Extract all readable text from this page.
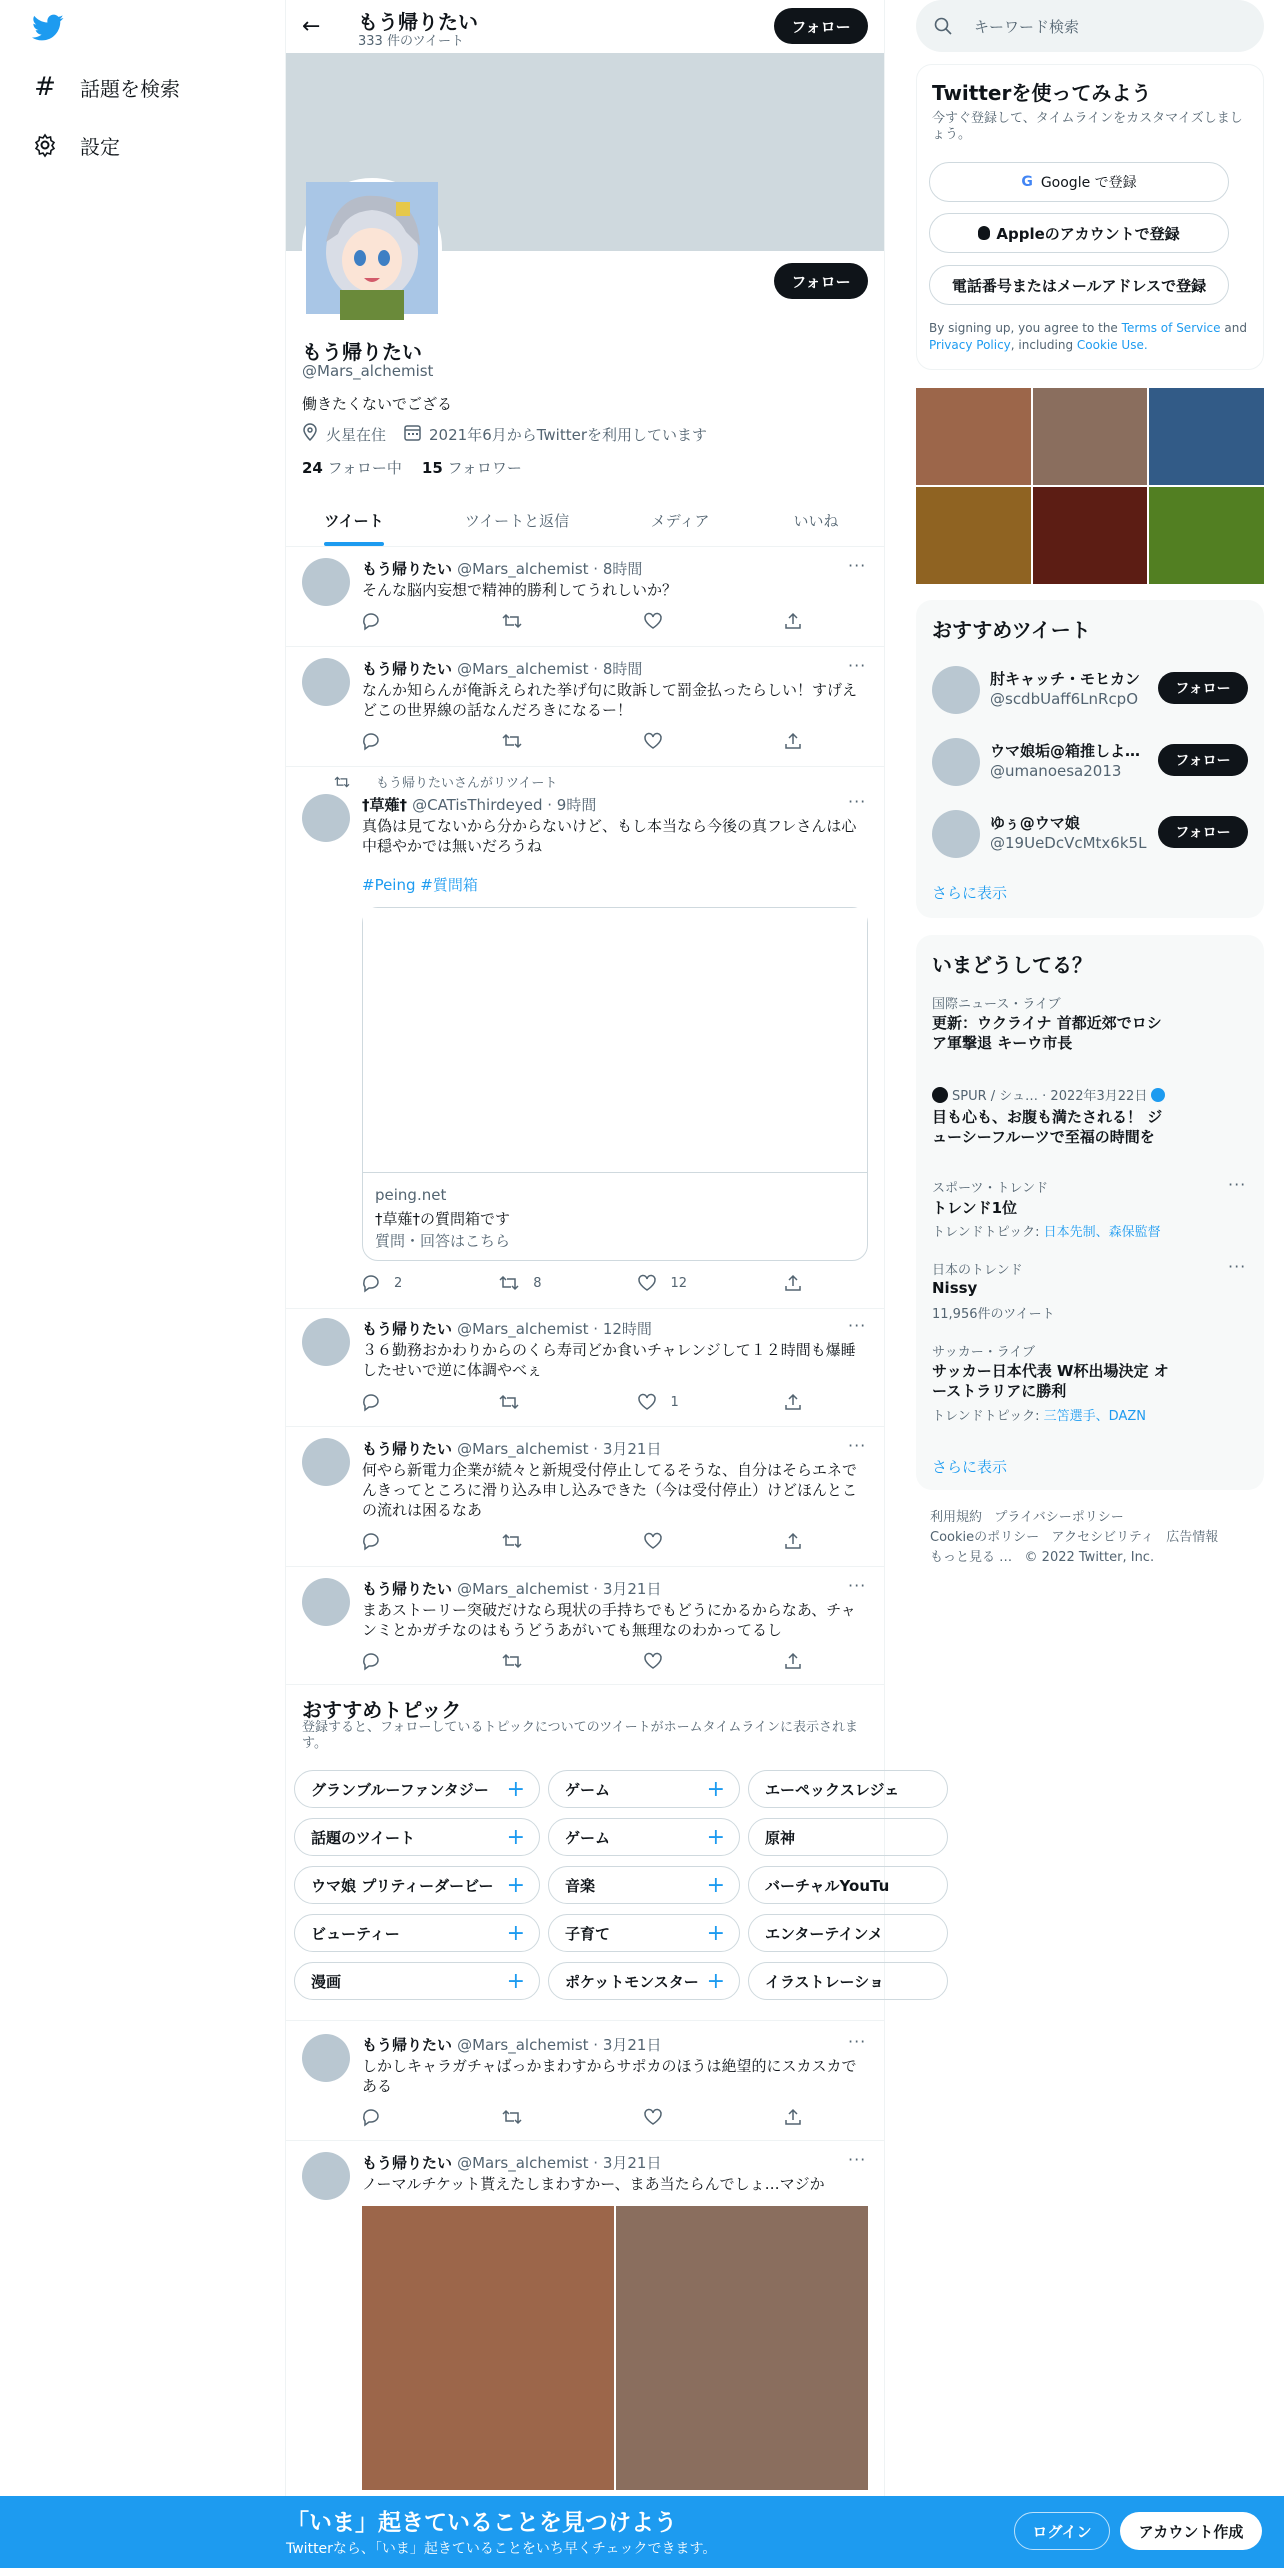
# 話題を検索
設定
← もう帰りたい
333 件のツイート
フォロー
フォロー
もう帰りたい
@Mars_alchemist
働きたくないでござる
火星在住	2021年6月からTwitterを利用しています
24 フォロー中 15 フォロワー
ツイート	ツイートと返信	メディア	いいね
もう帰りたい @Mars_alchemist · 8時間	···
そんな脳内妄想で精神的勝利してうれしいか？
もう帰りたい @Mars_alchemist · 8時間	···
なんか知らんが俺訴えられた挙げ句に敗訴して罰金払ったらしい！すげえどこの世界線の話なんだろきになるー！
もう帰りたいさんがリツイート
†草薙† @CATisThirdeyed · 9時間	···
真偽は見てないから分からないけど、もし本当なら今後の真フレさんは心中穏やかでは無いだろうね
#Peing #質問箱
peing.net
†草薙†の質問箱です
質問・回答はこちら
2	8	12
もう帰りたい @Mars_alchemist · 12時間	···
３６勤務おかわりからのくら寿司どか食いチャレンジして１２時間も爆睡したせいで逆に体調やべぇ
1
もう帰りたい @Mars_alchemist · 3月21日	···
何やら新電力企業が続々と新規受付停止してるそうな、自分はそらエネでんきってところに滑り込み申し込みできた（今は受付停止）けどほんとこの流れは困るなあ
もう帰りたい @Mars_alchemist · 3月21日	···
まあストーリー突破だけなら現状の手持ちでもどうにかるからなあ、チャンミとかガチなのはもうどうあがいても無理なのわかってるし
おすすめトピック
登録すると、フォローしているトピックについてのツイートがホームタイムラインに表示されます。
グランブルーファンタジー +	ゲーム	+	エーペックスレジェ
話題のツイート	+	ゲーム	+	原神
ウマ娘 プリティーダービー +	音楽	+	バーチャルYouTu
ビューティー	+	子育て	+	エンターテインメ
漫画	+	ポケットモンスター +	イラストレーショ
もう帰りたい @Mars_alchemist · 3月21日	···
しかしキャラガチャばっかまわすからサポカのほうは絶望的にスカスカである
もう帰りたい @Mars_alchemist · 3月21日	···
ノーマルチケット貰えたしまわすかー、まあ当たらんでしょ…マジか
キーワード検索
Twitterを使ってみよう
今すぐ登録して、タイムラインをカスタマイズしましょう。
G Google で登録
Appleのアカウントで登録
電話番号またはメールアドレスで登録
By signing up, you agree to the Terms of Service and Privacy Policy, including Cookie Use.
おすすめツイート
肘キャッチ・モヒカン
@scdbUaff6LnRcpO
フォロー
ウマ娘垢@箱推しよ…
@umanoesa2013
フォロー
ゆぅ@ウマ娘
@19UeDcVcMtx6k5L
フォロー
さらに表示
いまどうしてる？
国際ニュース・ライブ
更新：ウクライナ 首都近郊でロシア軍撃退 キーウ市長
SPUR / シュ… · 2022年3月22日
目も心も、お腹も満たされる！ ジューシーフルーツで至福の時間を
スポーツ・トレンド	···
トレンド1位
トレンドトピック: 日本先制、森保監督
日本のトレンド	···
Nissy
11,956件のツイート
サッカー・ライブ
サッカー日本代表 W杯出場決定 オーストラリアに勝利
トレンドトピック: 三笘選手、DAZN
さらに表示
利用規約 プライバシーポリシー
Cookieのポリシー アクセシビリティ 広告情報
もっと見る … © 2022 Twitter, Inc.
「いま」起きていることを見つけよう
Twitterなら、「いま」起きていることをいち早くチェックできます。
ログイン	アカウント作成
